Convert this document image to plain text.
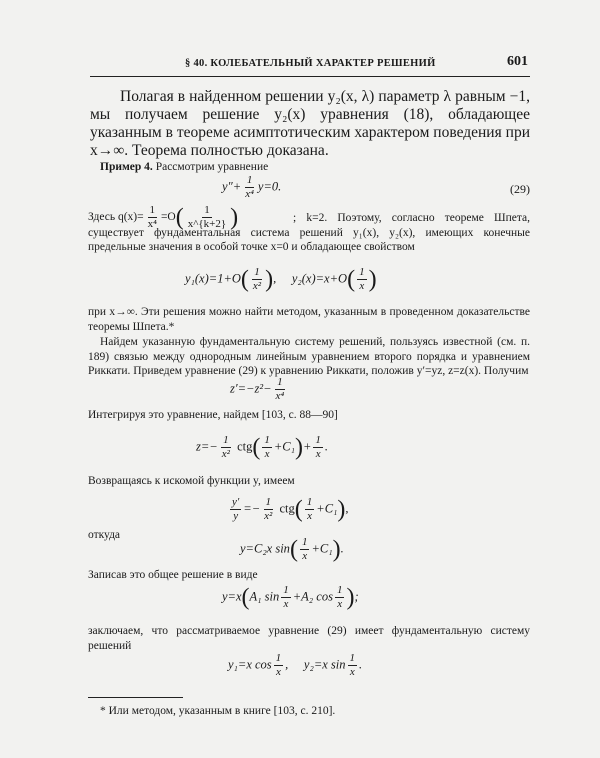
§ 40. КОЛЕБАТЕЛЬНЫЙ ХАРАКТЕР РЕШЕНИЙ	601

Полагая в найденном решении y₂(x, λ) параметр λ равным −1, мы получаем решение y₂(x) уравнения (18), обладающее указанным в теореме асимптотическим характером поведения при x→∞. Теорема полностью доказана.

Пример 4. Рассмотрим уравнение

$y''+ \frac{1}{\text{x⁴}} y=0$.	(29)
Здесь $q(x)= \frac{1}{\text{x⁴}} =O( \frac{1}{x\^{}\{k+2\}}$ )	; k=2. Поэтому, согласно теореме Шпета, существует фундаментальная система решений y₁(x), y₂(x), имеющих конечные предельные значения в особой точке x=0 и обладающее свойством

$y_1(x)=1+O( \frac{1}{\text{x²}}$ ),     $y_2(x)=x+O( \frac{1}{x}$ )

при x→∞. Эти решения можно найти методом, указанным в проведенном доказательстве теоремы Шпета.*

Найдем указанную фундаментальную систему решений, пользуясь известной (см. п. 189) связью между однородным линейным уравнением второго порядка и уравнением Риккати. Приведем уравнение (29) к уравнению Риккати, положив y′=yz, z=z(x). Получим

$z'=-z^2- \frac{1}{\text{x⁴}}$

Интегрируя это уравнение, найдем [103, с. 88—90]

$z=- \frac{1}{\text{x²}} ctg( \frac{1}{x} +C_1)+ \frac{1}{x}$ .

Возвращаясь к искомой функции y, имеем

$\frac{y'}{y} =- \frac{1}{\text{x²}} ctg( \frac{1}{x} +C_1)$,

откуда

y=C₂x $\sin( \frac{1}{x} +C_1)$.

Записав это общее решение в виде

y=x(A₁ $\sin \frac{1}{x} +A_2$ $\cos \frac{1}{x}$ );

заключаем, что рассматриваемое уравнение (29) имеет фундаментальную систему решений

y₁=x $\cos \frac{1}{x}$ ,     y₂=x $\sin \frac{1}{x}$ .

* Или методом, указанным в книге [103, с. 210].
